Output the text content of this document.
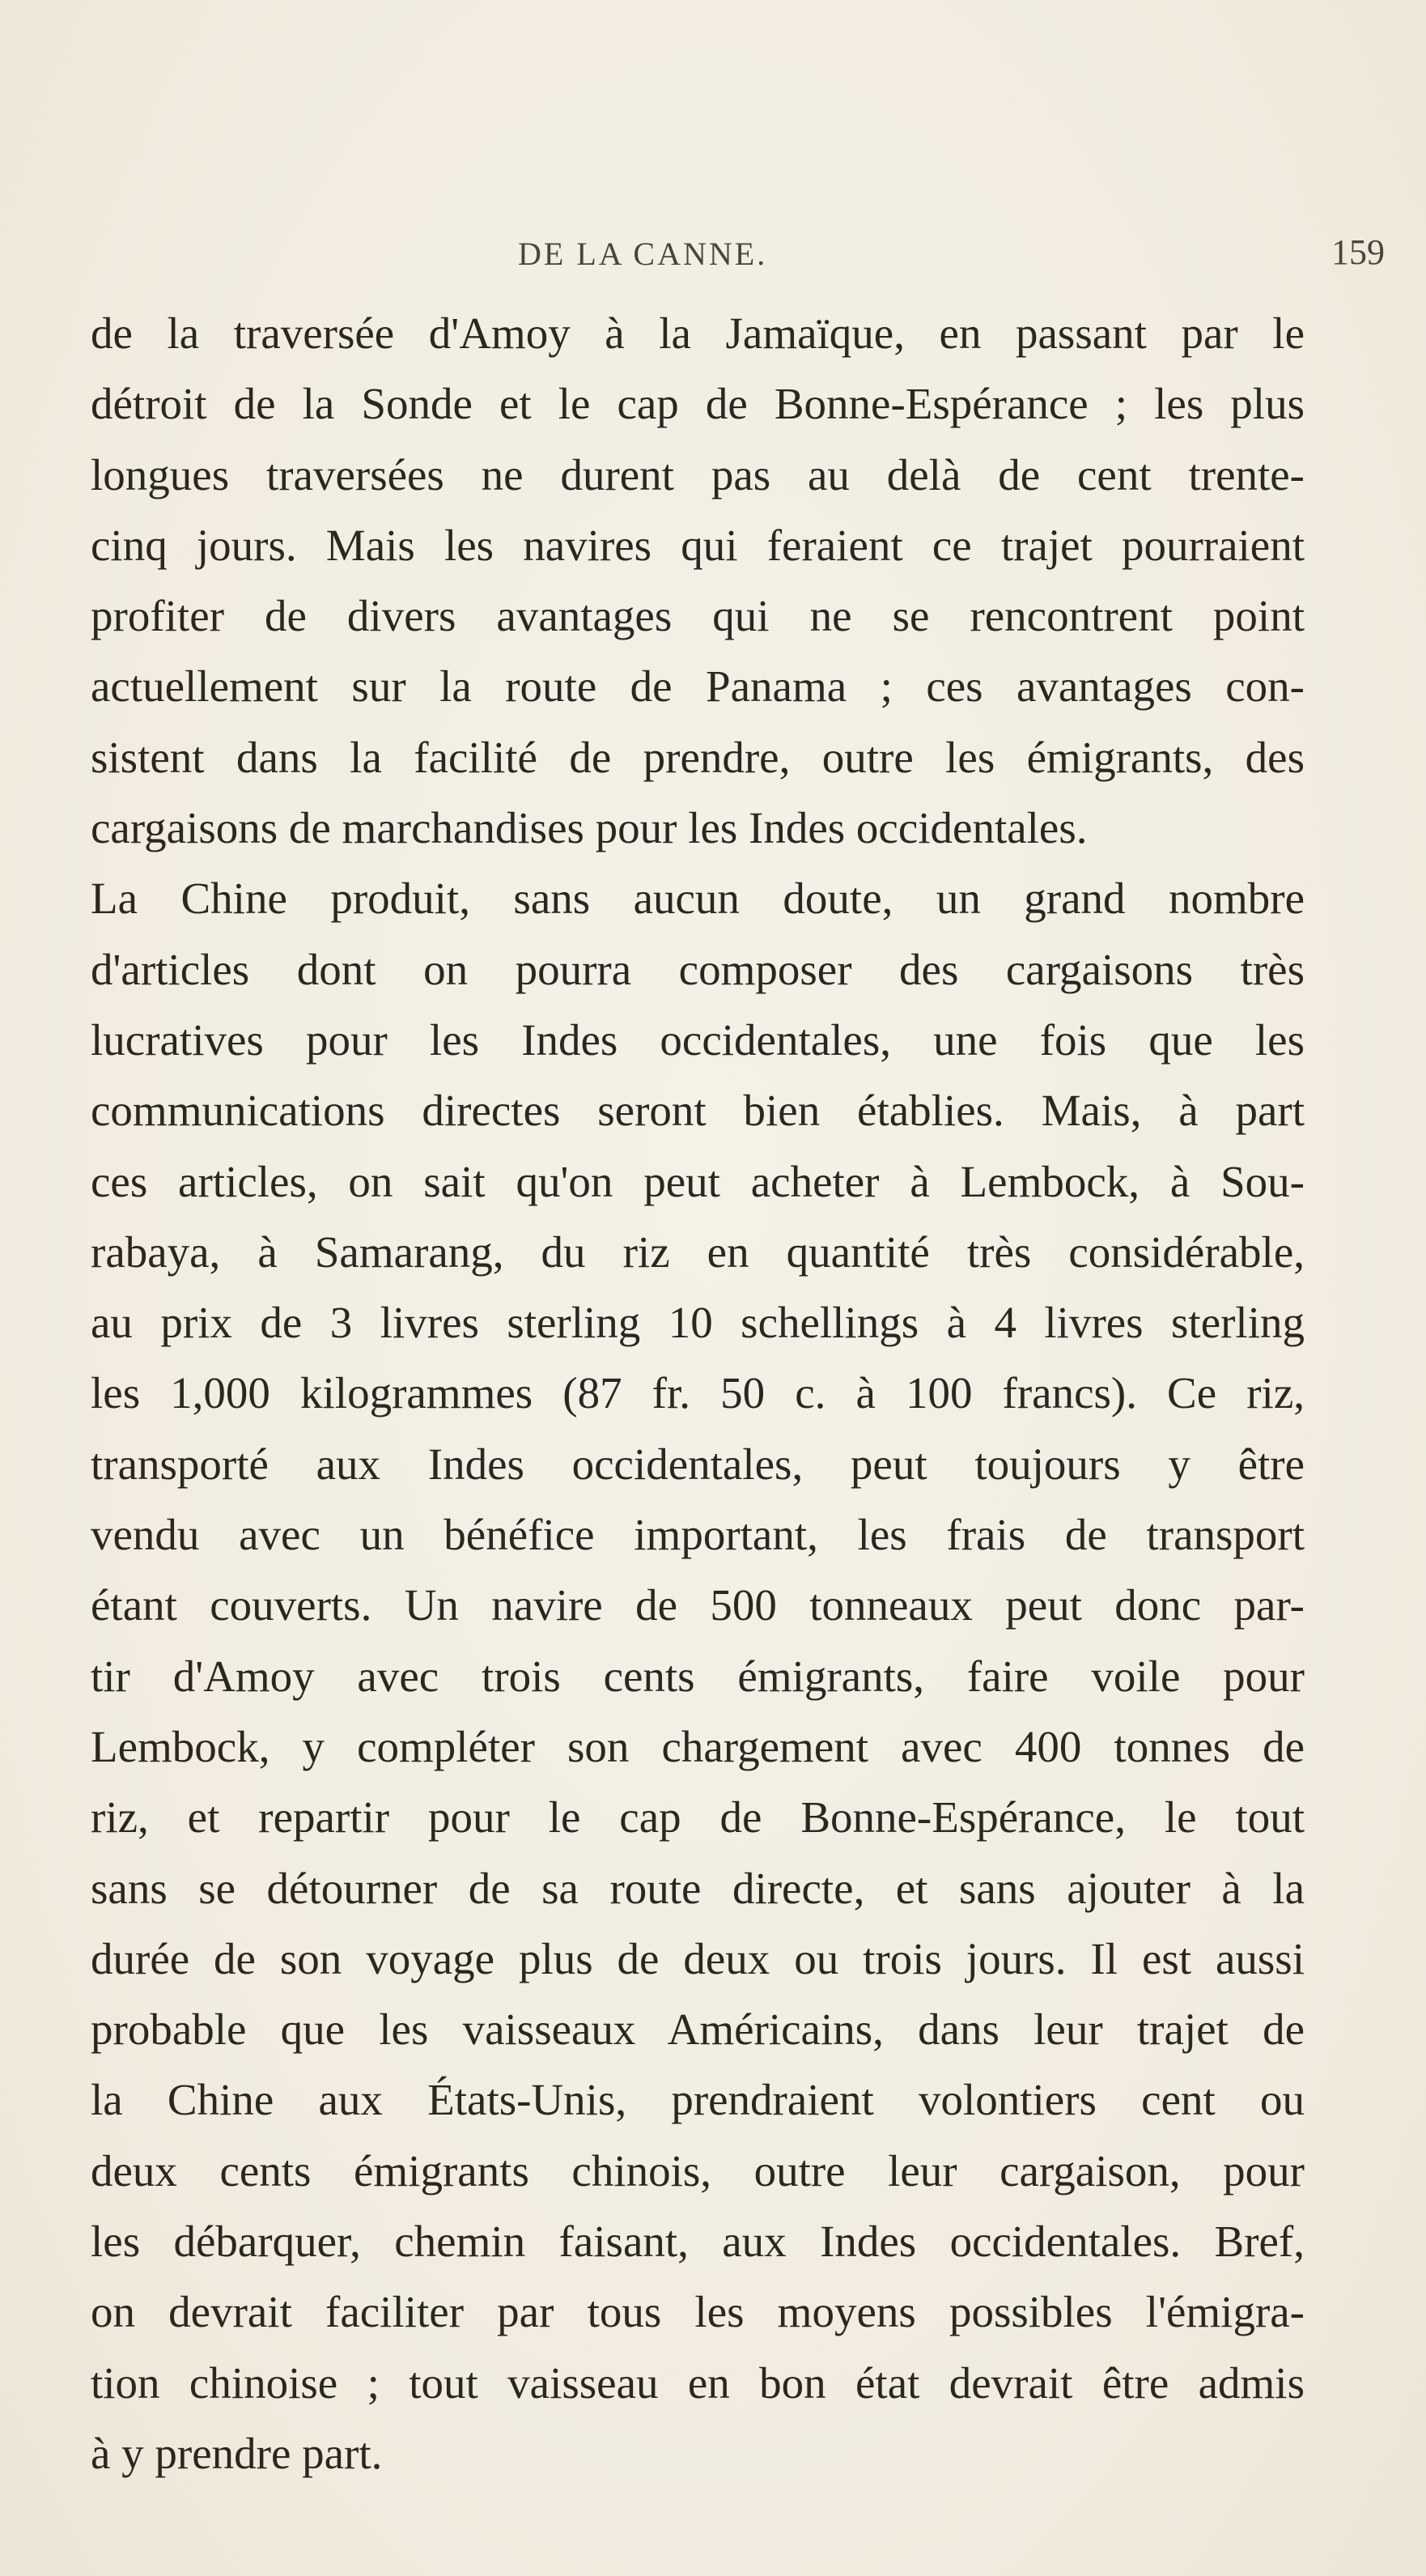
DE LA CANNE.	159
de la traversée d'Amoy à la Jamaïque, en passant par le
détroit de la Sonde et le cap de Bonne-Espérance ; les plus
longues traversées ne durent pas au delà de cent trente-
cinq jours. Mais les navires qui feraient ce trajet pourraient
profiter de divers avantages qui ne se rencontrent point
actuellement sur la route de Panama ; ces avantages con-
sistent dans la facilité de prendre, outre les émigrants, des
cargaisons de marchandises pour les Indes occidentales.
La Chine produit, sans aucun doute, un grand nombre
d'articles dont on pourra composer des cargaisons très
lucratives pour les Indes occidentales, une fois que les
communications directes seront bien établies. Mais, à part
ces articles, on sait qu'on peut acheter à Lembock, à Sou-
rabaya, à Samarang, du riz en quantité très considérable,
au prix de 3 livres sterling 10 schellings à 4 livres sterling
les 1,000 kilogrammes (87 fr. 50 c. à 100 francs). Ce riz,
transporté aux Indes occidentales, peut toujours y être
vendu avec un bénéfice important, les frais de transport
étant couverts. Un navire de 500 tonneaux peut donc par-
tir d'Amoy avec trois cents émigrants, faire voile pour
Lembock, y compléter son chargement avec 400 tonnes de
riz, et repartir pour le cap de Bonne-Espérance, le tout
sans se détourner de sa route directe, et sans ajouter à la
durée de son voyage plus de deux ou trois jours. Il est aussi
probable que les vaisseaux Américains, dans leur trajet de
la Chine aux États-Unis, prendraient volontiers cent ou
deux cents émigrants chinois, outre leur cargaison, pour
les débarquer, chemin faisant, aux Indes occidentales. Bref,
on devrait faciliter par tous les moyens possibles l'émigra-
tion chinoise ; tout vaisseau en bon état devrait être admis
à y prendre part.
